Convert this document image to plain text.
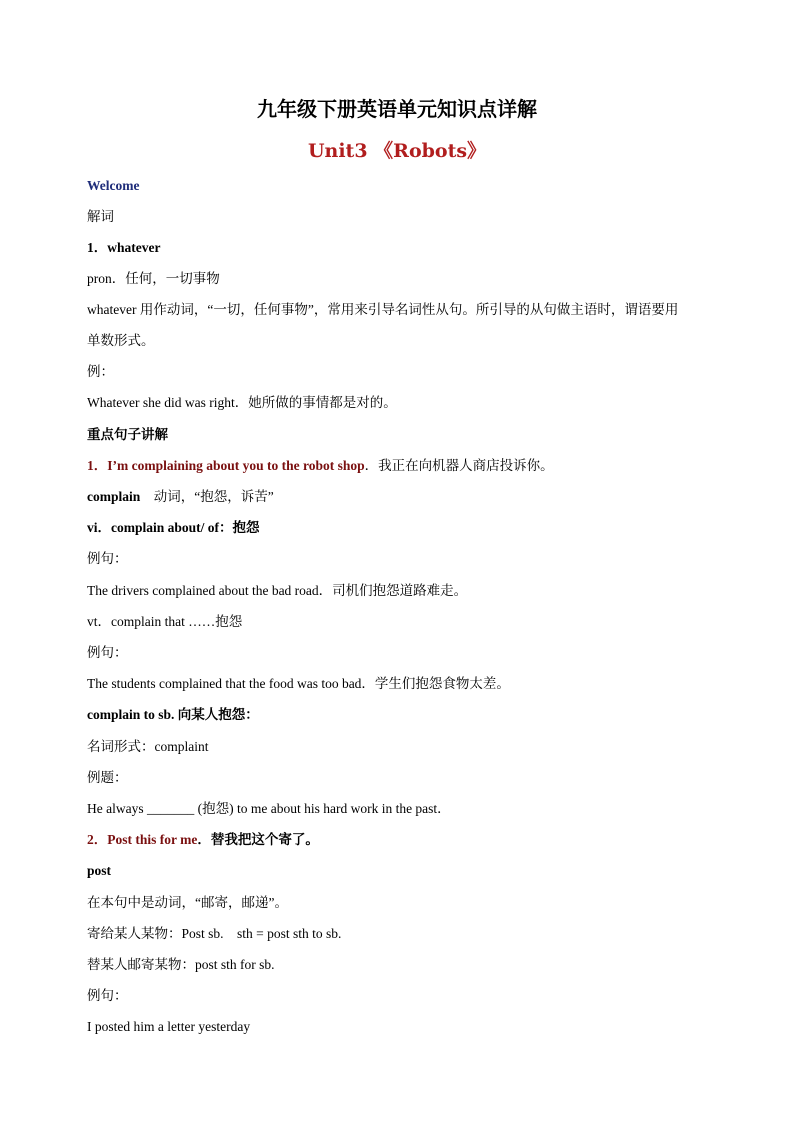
九年级下册英语单元知识点详解
Unit3 《Robots》
Welcome
解词
1．whatever
pron．任何，一切事物
whatever 用作动词，“一切，任何事物”，常用来引导名词性从句。所引导的从句做主语时，谓语要用
单数形式。
例：
Whatever she did was right．她所做的事情都是对的。
重点句子讲解
1．I’m complaining about you to the robot shop．我正在向机器人商店投诉你。
complain　动词，“抱怨，诉苦”
vi．complain about/ of：抱怨
例句：
The drivers complained about the bad road．司机们抱怨道路难走。
vt．complain that ……抱怨
例句：
The students complained that the food was too bad．学生们抱怨食物太差。
complain to sb. 向某人抱怨：
名词形式：complaint
例题：
He always _______ (抱怨) to me about his hard work in the past．
2．Post this for me．替我把这个寄了。
post
在本句中是动词，“邮寄，邮递”。
寄给某人某物：Post sb.　sth = post sth to sb.
替某人邮寄某物：post sth for sb.
例句：
I posted him a letter yesterday
